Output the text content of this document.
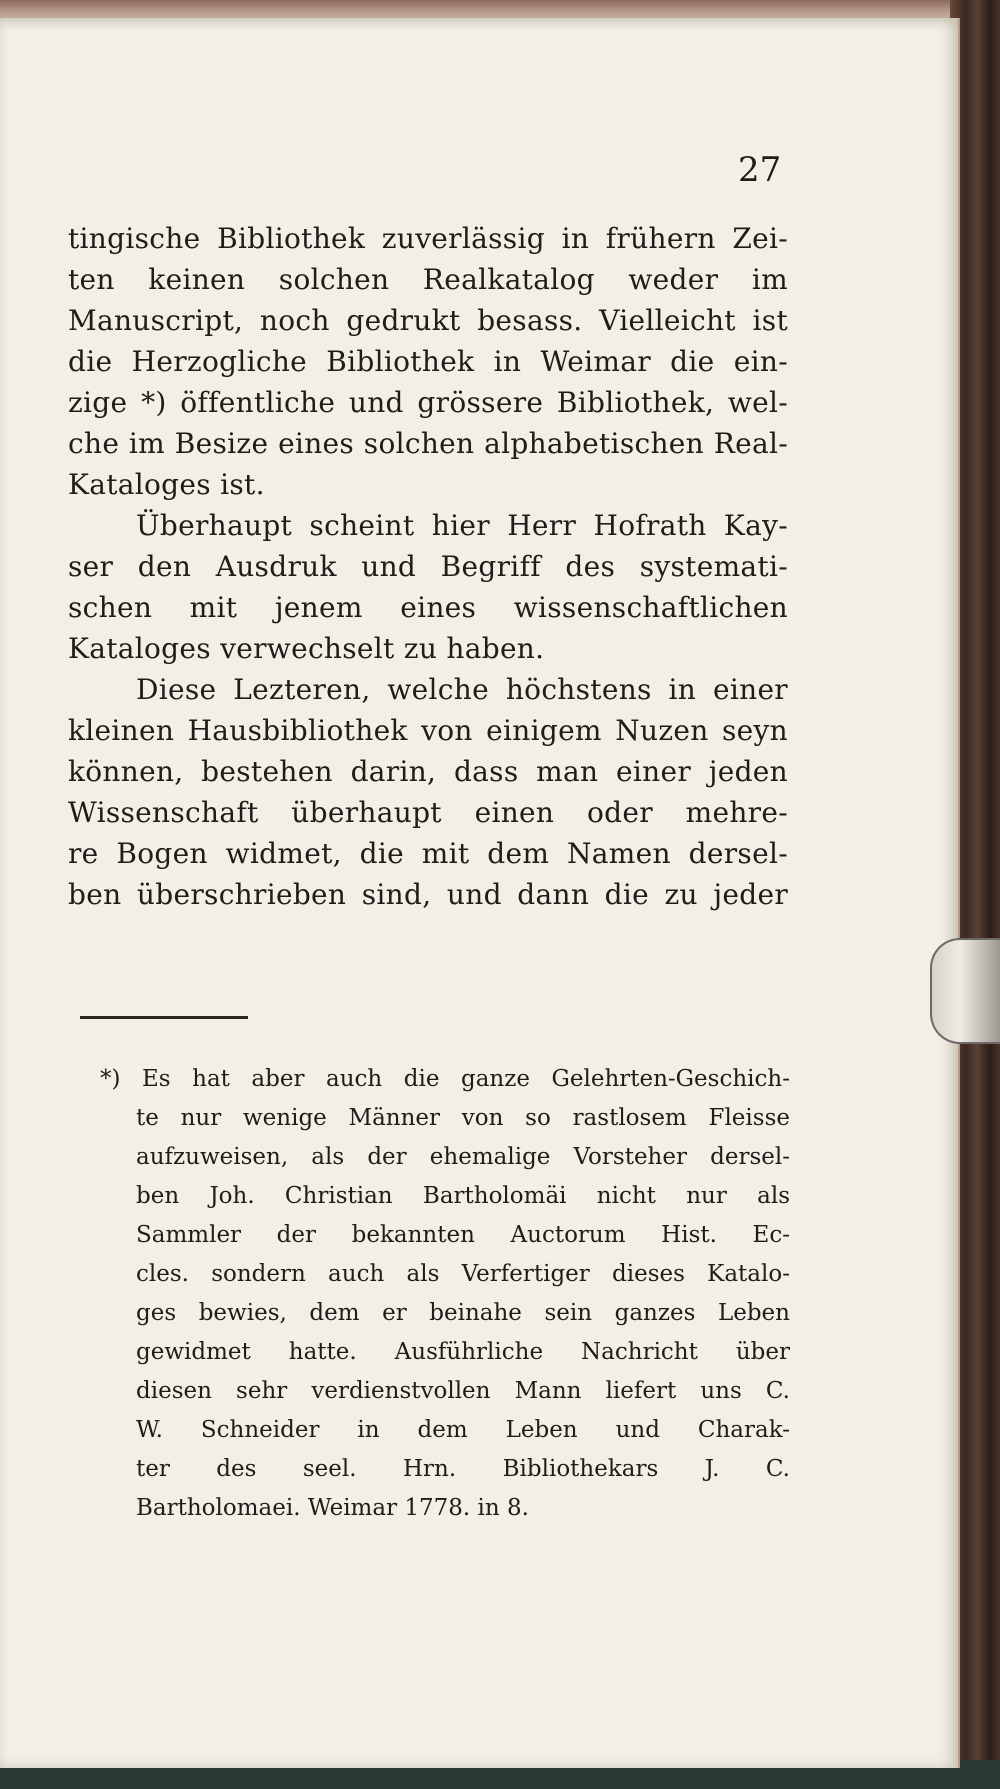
27
tingische Bibliothek zuverlässig in frühern Zei-
ten keinen solchen Realkatalog weder im
Manuscript, noch gedrukt besass. Vielleicht ist
die Herzogliche Bibliothek in Weimar die ein-
zige *) öffentliche und grössere Bibliothek, wel-
che im Besize eines solchen alphabetischen Real-
Kataloges ist.
Überhaupt scheint hier Herr Hofrath Kay-
ser den Ausdruk und Begriff des systemati-
schen mit jenem eines wissenschaftlichen
Kataloges verwechselt zu haben.
Diese Lezteren, welche höchstens in einer
kleinen Hausbibliothek von einigem Nuzen seyn
können, bestehen darin, dass man einer jeden
Wissenschaft überhaupt einen oder mehre-
re Bogen widmet, die mit dem Namen dersel-
ben überschrieben sind, und dann die zu jeder
*) Es hat aber auch die ganze Gelehrten-Geschich-
te nur wenige Männer von so rastlosem Fleisse
aufzuweisen, als der ehemalige Vorsteher dersel-
ben Joh. Christian Bartholomäi nicht nur als
Sammler der bekannten Auctorum Hist. Ec-
cles. sondern auch als Verfertiger dieses Katalo-
ges bewies, dem er beinahe sein ganzes Leben
gewidmet hatte. Ausführliche Nachricht über
diesen sehr verdienstvollen Mann liefert uns C.
W. Schneider in dem Leben und Charak-
ter des seel. Hrn. Bibliothekars J. C.
Bartholomaei. Weimar 1778. in 8.
